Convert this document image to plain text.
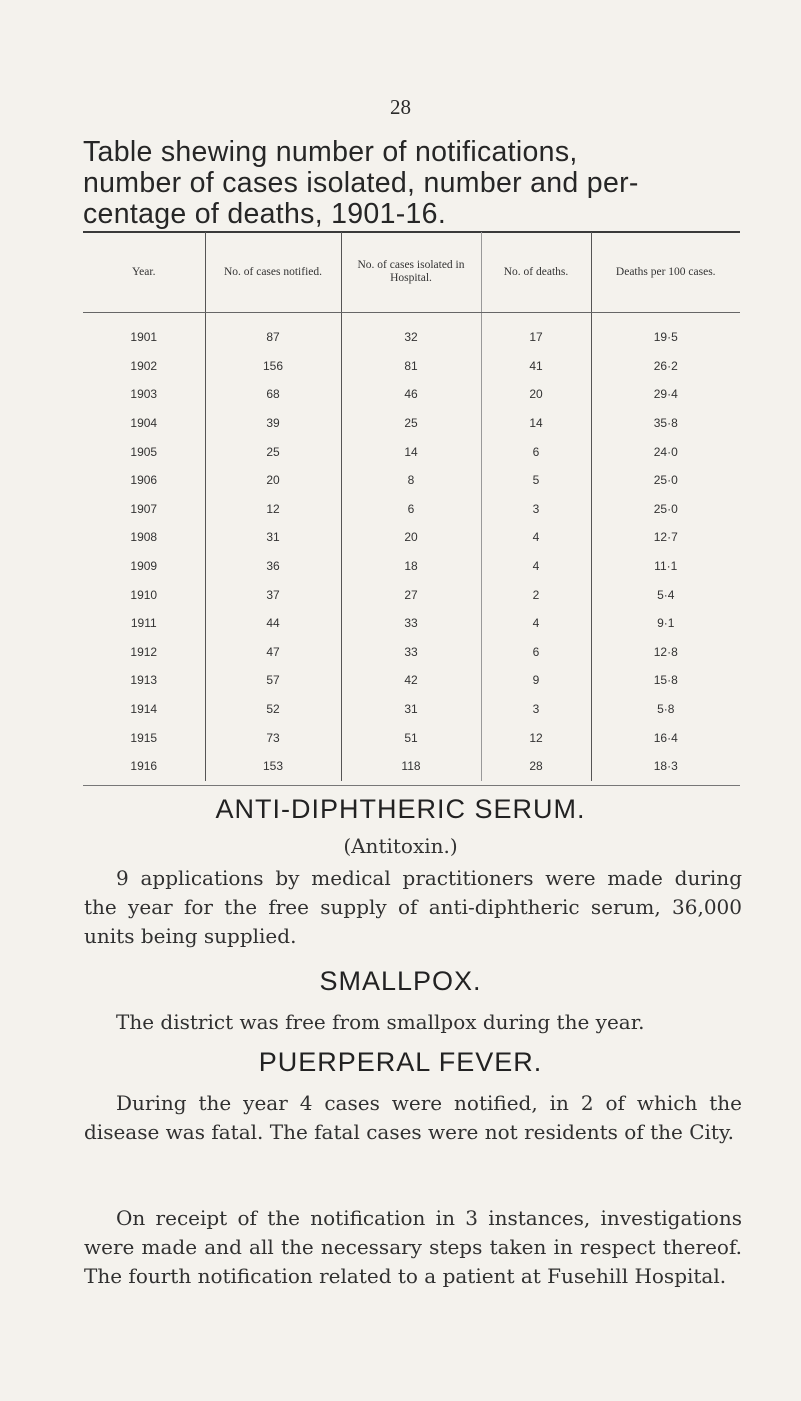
28
Table shewing number of notifications,
number of cases isolated, number and per-
centage of deaths, 1901-16.
Year.	No. of cases notified.	No. of cases isolated in Hospital.	No. of deaths.	Deaths per 100 cases.
1901	87	32	17	19·5
1902	156	81	41	26·2
1903	68	46	20	29·4
1904	39	25	14	35·8
1905	25	14	6	24·0
1906	20	8	5	25·0
1907	12	6	3	25·0
1908	31	20	4	12·7
1909	36	18	4	11·1
1910	37	27	2	5·4
1911	44	33	4	9·1
1912	47	33	6	12·8
1913	57	42	9	15·8
1914	52	31	3	5·8
1915	73	51	12	16·4
1916	153	118	28	18·3
ANTI-DIPHTHERIC SERUM.
(Antitoxin.)
9 applications by medical practitioners were made during the year for the free supply of anti-diphtheric serum, 36,000 units being supplied.
SMALLPOX.
The district was free from smallpox during the year.
PUERPERAL FEVER.
During the year 4 cases were notified, in 2 of which the disease was fatal. The fatal cases were not residents of the City.
On receipt of the notification in 3 instances, investigations were made and all the necessary steps taken in respect thereof. The fourth notification related to a patient at Fusehill Hospital.
